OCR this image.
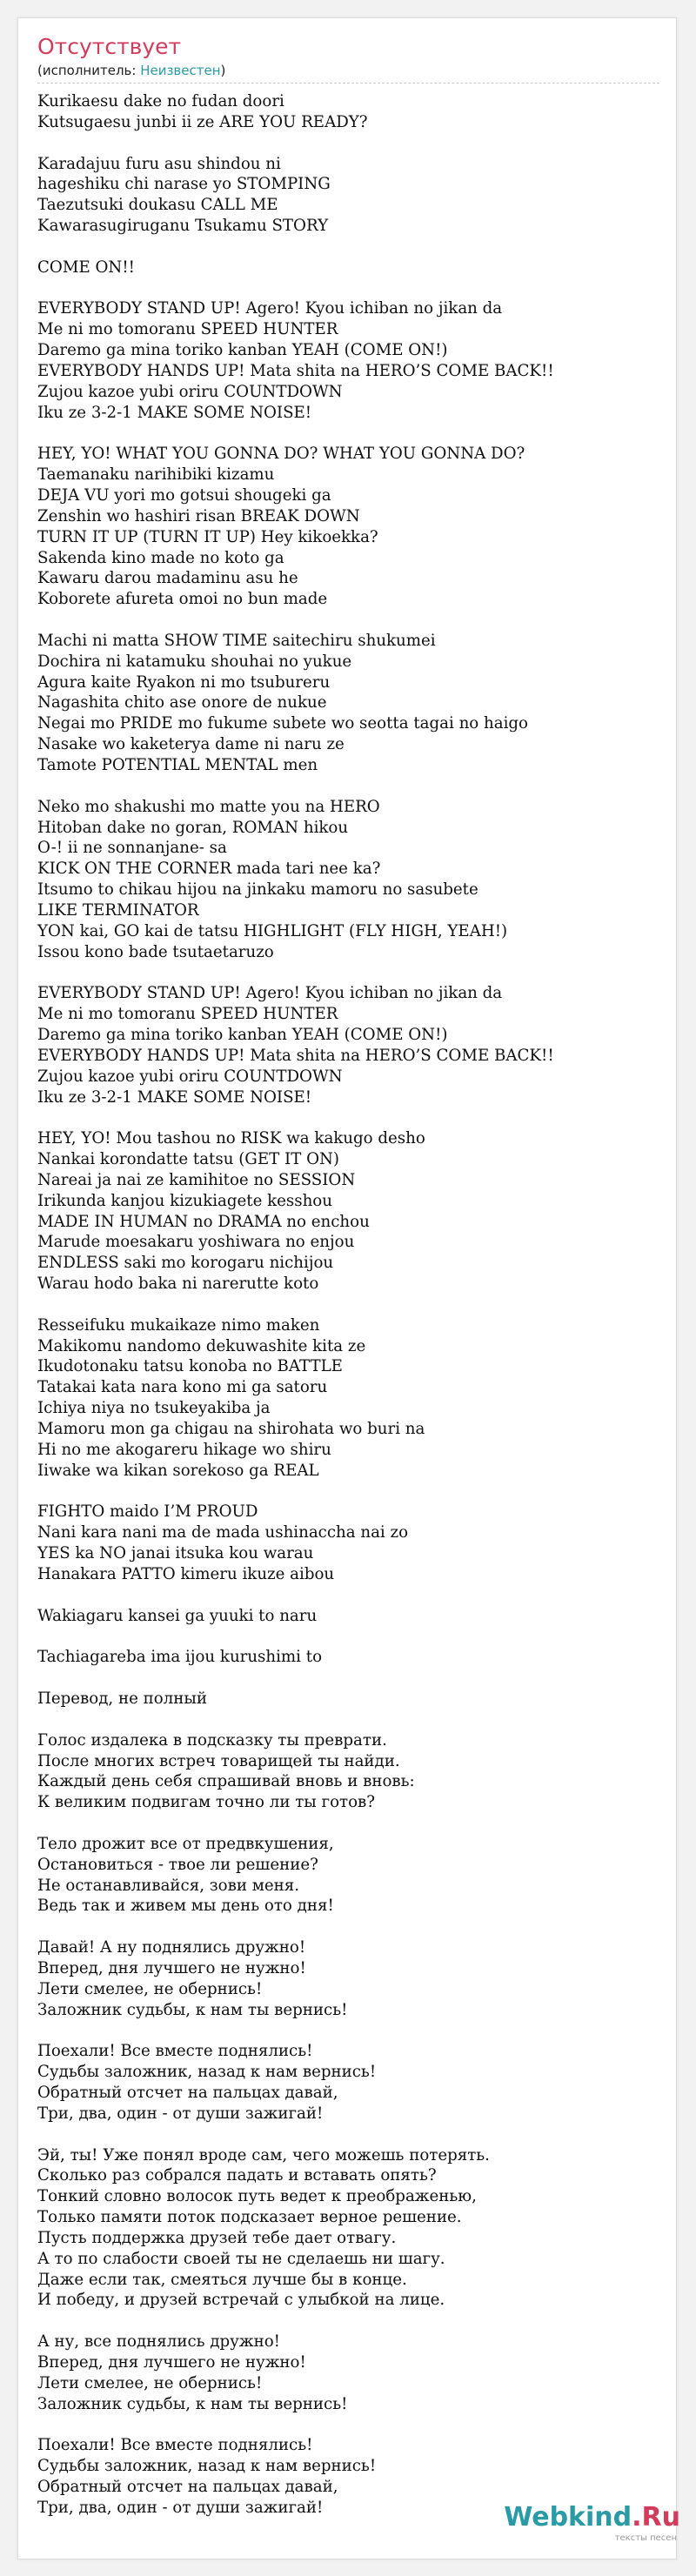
Отсутствует
(исполнитель: Неизвестен)
Kurikaesu dake no fudan doori
Kutsugaesu junbi ii ze ARE YOU READY?
Karadajuu furu asu shindou ni
hageshiku chi narase yo STOMPING
Taezutsuki doukasu CALL ME
Kawarasugiruganu Tsukamu STORY
COME ON!!
EVERYBODY STAND UP! Agero! Kyou ichiban no jikan da
Me ni mo tomoranu SPEED HUNTER
Daremo ga mina toriko kanban YEAH (COME ON!)
EVERYBODY HANDS UP! Mata shita na HERO’S COME BACK!!
Zujou kazoe yubi oriru COUNTDOWN
Iku ze 3-2-1 MAKE SOME NOISE!
HEY, YO! WHAT YOU GONNA DO? WHAT YOU GONNA DO?
Taemanaku narihibiki kizamu
DEJA VU yori mo gotsui shougeki ga
Zenshin wo hashiri risan BREAK DOWN
TURN IT UP (TURN IT UP) Hey kikoekka?
Sakenda kino made no koto ga
Kawaru darou madaminu asu he
Koborete afureta omoi no bun made
Machi ni matta SHOW TIME saitechiru shukumei
Dochira ni katamuku shouhai no yukue
Agura kaite Ryakon ni mo tsubureru
Nagashita chito ase onore de nukue
Negai mo PRIDE mo fukume subete wo seotta tagai no haigo
Nasake wo kaketerya dame ni naru ze
Tamote POTENTIAL MENTAL men
Neko mo shakushi mo matte you na HERO
Hitoban dake no goran, ROMAN hikou
O-! ii ne sonnanjane- sa
KICK ON THE CORNER mada tari nee ka?
Itsumo to chikau hijou na jinkaku mamoru no sasubete
LIKE TERMINATOR
YON kai, GO kai de tatsu HIGHLIGHT (FLY HIGH, YEAH!)
Issou kono bade tsutaetaruzo
EVERYBODY STAND UP! Agero! Kyou ichiban no jikan da
Me ni mo tomoranu SPEED HUNTER
Daremo ga mina toriko kanban YEAH (COME ON!)
EVERYBODY HANDS UP! Mata shita na HERO’S COME BACK!!
Zujou kazoe yubi oriru COUNTDOWN
Iku ze 3-2-1 MAKE SOME NOISE!
HEY, YO! Mou tashou no RISK wa kakugo desho
Nankai korondatte tatsu (GET IT ON)
Nareai ja nai ze kamihitoe no SESSION
Irikunda kanjou kizukiagete kesshou
MADE IN HUMAN no DRAMA no enchou
Marude moesakaru yoshiwara no enjou
ENDLESS saki mo korogaru nichijou
Warau hodo baka ni narerutte koto
Resseifuku mukaikaze nimo maken
Makikomu nandomo dekuwashite kita ze
Ikudotonaku tatsu konoba no BATTLE
Tatakai kata nara kono mi ga satoru
Ichiya niya no tsukeyakiba ja
Mamoru mon ga chigau na shirohata wo buri na
Hi no me akogareru hikage wo shiru
Iiwake wa kikan sorekoso ga REAL
FIGHTO maido I’M PROUD
Nani kara nani ma de mada ushinaccha nai zo
YES ka NO janai itsuka kou warau
Hanakara PATTO kimeru ikuze aibou
Wakiagaru kansei ga yuuki to naru
Tachiagareba ima ijou kurushimi to
Перевод, не полный
Голос издалека в подсказку ты преврати.
После многих встреч товарищей ты найди.
Каждый день себя спрашивай вновь и вновь:
К великим подвигам точно ли ты готов?
Тело дрожит все от предвкушения,
Остановиться - твое ли решение?
Не останавливайся, зови меня.
Ведь так и живем мы день ото дня!
Давай! А ну поднялись дружно!
Вперед, дня лучшего не нужно!
Лети смелее, не обернись!
Заложник судьбы, к нам ты вернись!
Поехали! Все вместе поднялись!
Судьбы заложник, назад к нам вернись!
Обратный отсчет на пальцах давай,
Три, два, один - от души зажигай!
Эй, ты! Уже понял вроде сам, чего можешь потерять.
Сколько раз собрался падать и вставать опять?
Тонкий словно волосок путь ведет к преображенью,
Только памяти поток подсказает верное решение.
Пусть поддержка друзей тебе дает отвагу.
А то по слабости своей ты не сделаешь ни шагу.
Даже если так, смеяться лучше бы в конце.
И победу, и друзей встречай с улыбкой на лице.
А ну, все поднялись дружно!
Вперед, дня лучшего не нужно!
Лети смелее, не обернись!
Заложник судьбы, к нам ты вернись!
Поехали! Все вместе поднялись!
Судьбы заложник, назад к нам вернись!
Обратный отсчет на пальцах давай,
Три, два, один - от души зажигай!	Webkind.Ru
тексты песен
